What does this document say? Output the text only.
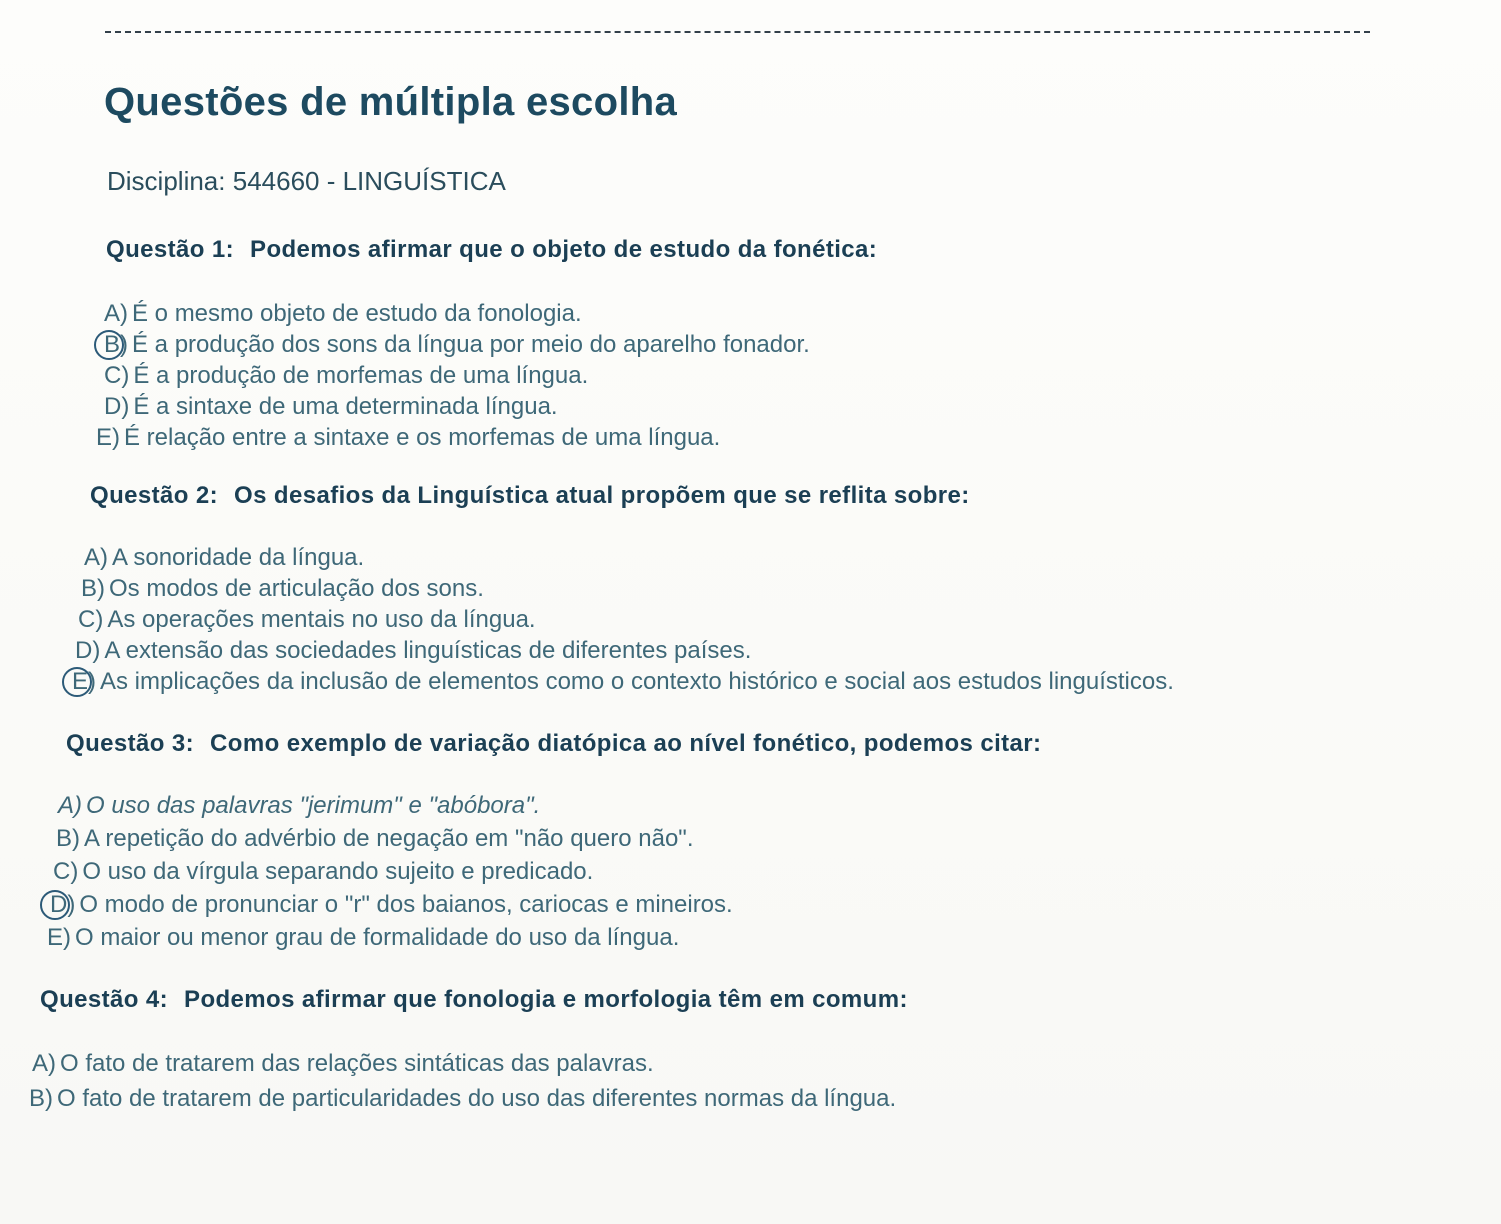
Questões de múltipla escolha
Disciplina: 544660 - LINGUÍSTICA
Questão 1: Podemos afirmar que o objeto de estudo da fonética:
A) É o mesmo objeto de estudo da fonologia.
B) É a produção dos sons da língua por meio do aparelho fonador.
C) É a produção de morfemas de uma língua.
D) É a sintaxe de uma determinada língua.
E) É relação entre a sintaxe e os morfemas de uma língua.
Questão 2: Os desafios da Linguística atual propõem que se reflita sobre:
A) A sonoridade da língua.
B) Os modos de articulação dos sons.
C) As operações mentais no uso da língua.
D) A extensão das sociedades linguísticas de diferentes países.
E) As implicações da inclusão de elementos como o contexto histórico e social aos estudos linguísticos.
Questão 3: Como exemplo de variação diatópica ao nível fonético, podemos citar:
A) O uso das palavras "jerimum" e "abóbora".
B) A repetição do advérbio de negação em "não quero não".
C) O uso da vírgula separando sujeito e predicado.
D) O modo de pronunciar o "r" dos baianos, cariocas e mineiros.
E) O maior ou menor grau de formalidade do uso da língua.
Questão 4: Podemos afirmar que fonologia e morfologia têm em comum:
A) O fato de tratarem das relações sintáticas das palavras.
B) O fato de tratarem de particularidades do uso das diferentes normas da língua.
